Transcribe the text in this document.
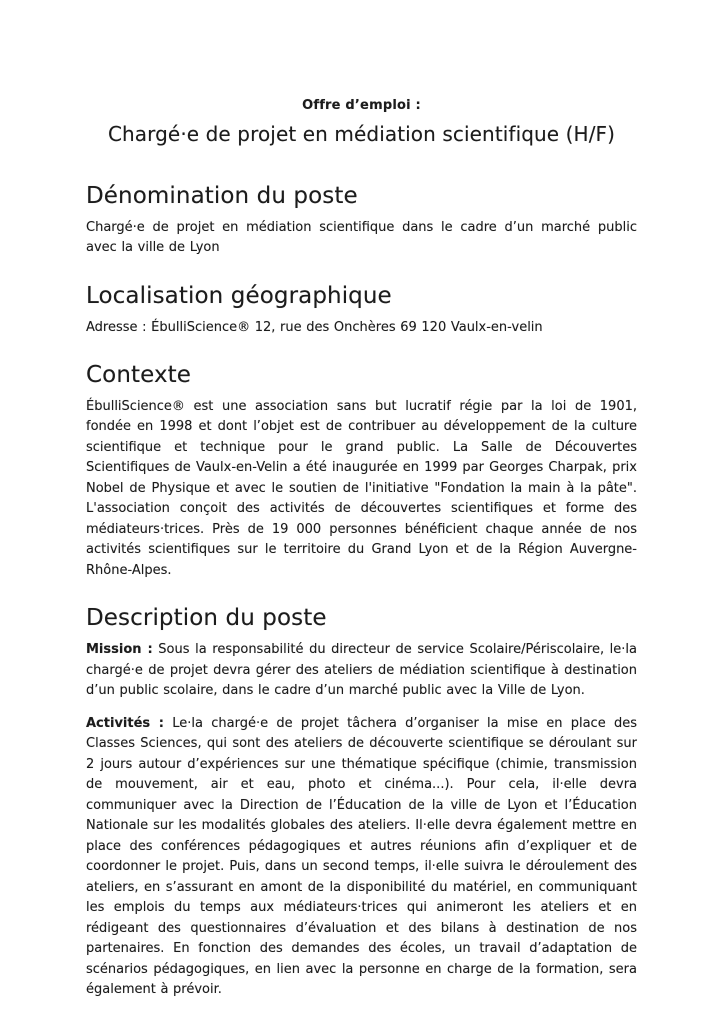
Offre d’emploi :

Chargé·e de projet en médiation scientifique (H/F)
Dénomination du poste

Chargé·e de projet en médiation scientifique dans le cadre d’un marché public avec la ville de Lyon

Localisation géographique

Adresse : ÉbulliScience® 12, rue des Onchères 69 120 Vaulx-en-velin

Contexte

ÉbulliScience® est une association sans but lucratif régie par la loi de 1901, fondée en 1998 et dont l’objet est de contribuer au développement de la culture scientifique et technique pour le grand public. La Salle de Découvertes Scientifiques de Vaulx-en-Velin a été inaugurée en 1999 par Georges Charpak, prix Nobel de Physique et avec le soutien de l'initiative "Fondation la main à la pâte". L'association conçoit des activités de découvertes scientifiques et forme des médiateurs·trices. Près de 19 000 personnes bénéficient chaque année de nos activités scientifiques sur le territoire du Grand Lyon et de la Région Auvergne-Rhône-Alpes.

Description du poste

Mission : Sous la responsabilité du directeur de service Scolaire/Périscolaire, le·la chargé·e de projet devra gérer des ateliers de médiation scientifique à destination d’un public scolaire, dans le cadre d’un marché public avec la Ville de Lyon.

Activités : Le·la chargé·e de projet tâchera d’organiser la mise en place des Classes Sciences, qui sont des ateliers de découverte scientifique se déroulant sur 2 jours autour d’expériences sur une thématique spécifique (chimie, transmission de mouvement, air et eau, photo et cinéma...). Pour cela, il·elle devra communiquer avec la Direction de l’Éducation de la ville de Lyon et l’Éducation Nationale sur les modalités globales des ateliers. Il·elle devra également mettre en place des conférences pédagogiques et autres réunions afin d’expliquer et de coordonner le projet. Puis, dans un second temps, il·elle suivra le déroulement des ateliers, en s’assurant en amont de la disponibilité du matériel, en communiquant les emplois du temps aux médiateurs·trices qui animeront les ateliers et en rédigeant des questionnaires d’évaluation et des bilans à destination de nos partenaires. En fonction des demandes des écoles, un travail d’adaptation de scénarios pédagogiques, en lien avec la personne en charge de la formation, sera également à prévoir.
